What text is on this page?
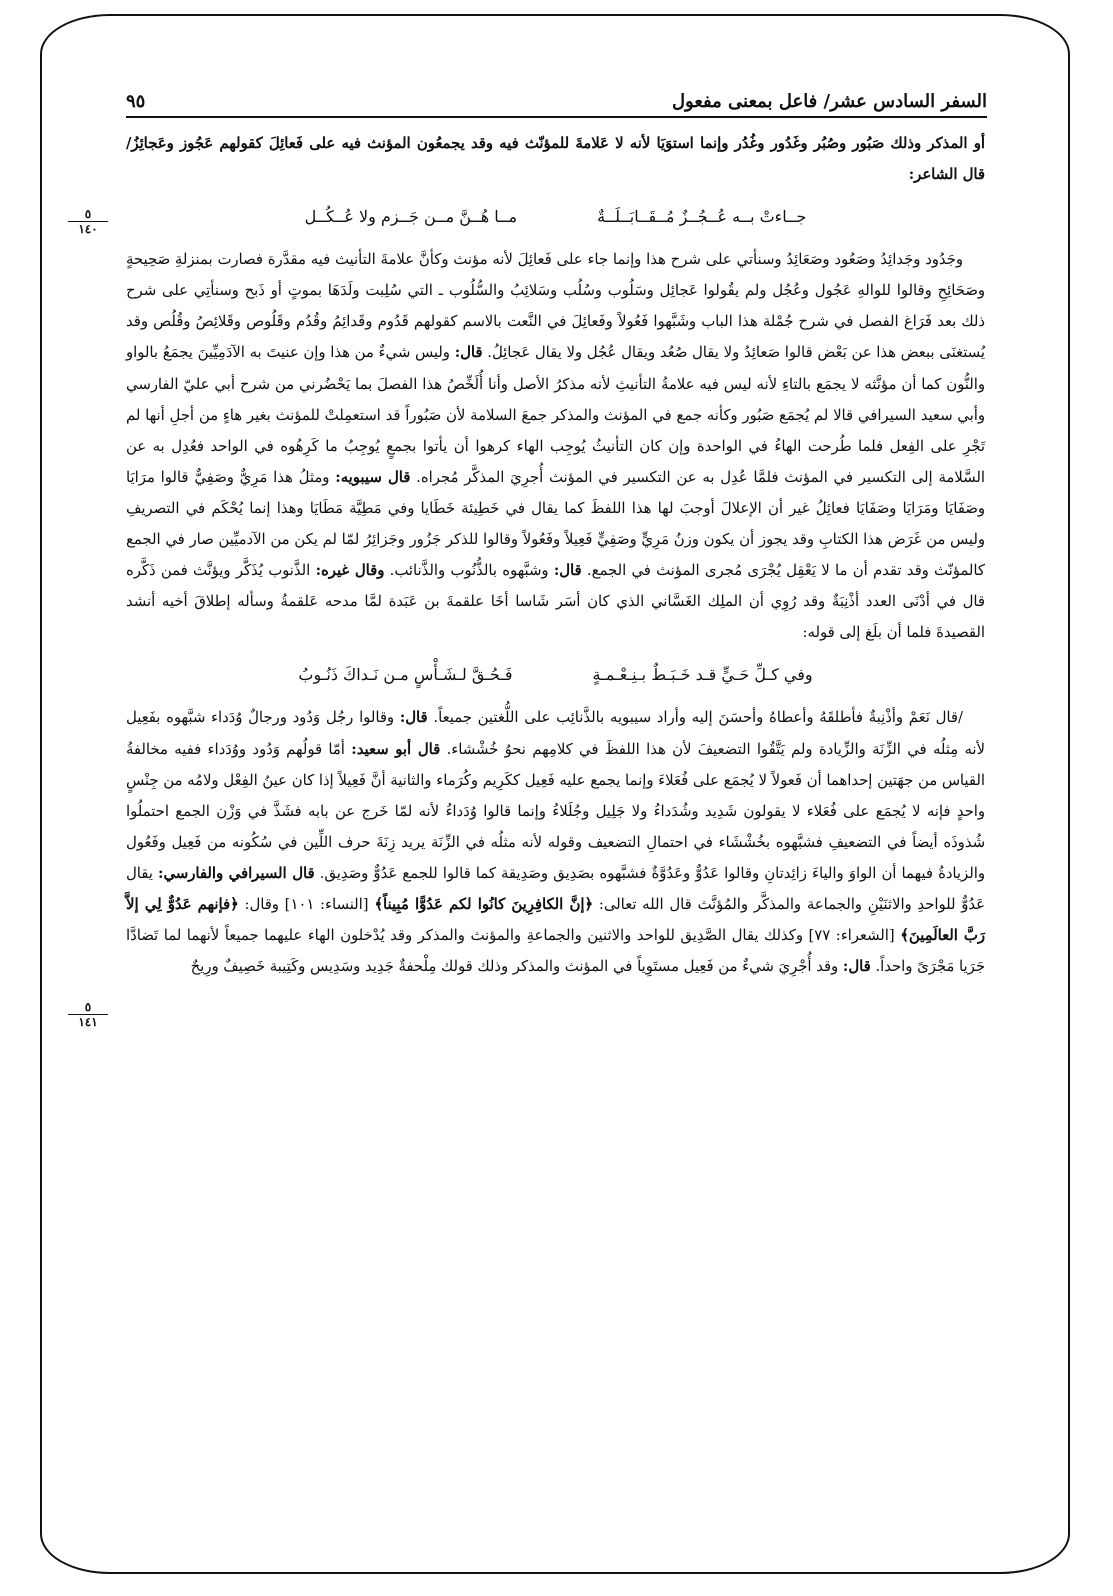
السفر السادس عشر/ فاعل بمعنى مفعول
٩٥
٥
١٤٠
٥
١٤١

أو المذكر وذلك صَبُور وصُبُر وغَدُور وغُدُر وإنما استوَيَا لأنه لا عَلامةَ للمؤنّث فيه وقد يجمعُون المؤنث فيه على فَعائِلَ كقولهم عَجُوز وعَجائِزُ/ قال الشاعر:

جــاءتْ بــه عُــجُــزٌ مُــقَــابَــلَــةٌ
مــا هُــنَّ مــن جَــزم ولا عُــكُــل

وجَدُود وجَدائِدُ وصَعُود وصَعَائِدُ وسنأتي على شرح هذا وإنما جاء على فَعائِلَ لأنه مؤنث وكأنَّ علامةَ التأنيث فيه مقدَّرة فصارت بمنزلةِ صَحِيحةٍ وصَحَائِحِ وقالوا للوالهِ عَجُول وعُجُل ولم يقُولوا عَجائِل وسَلُوب وسُلُب وسَلائِبُ والسُّلُوب ـ التي سُلِبت ولَدَهَا بموتٍ أو ذَبح وسنأتِي على شرح ذلك بعد فَرَاغ الفصل في شرح جُمْلة هذا الباب وشَبَّهوا فَعُولاً وفَعائِلَ في النَّعت بالاسم كقولهم قَدُوم وقَدائِمُ وقُدُم وقَلُوص وقَلائِصُ وقُلُص وقد يُستغنَى ببعض هذا عن بَعْض قالوا صَعائِدُ ولا يقال صُعُد ويقال عُجُل ولا يقال عَجائِلُ. قال: وليس شيءٌ من هذا وإن عنيتَ به الآدَمِيِّينَ يجمَعُ بالواو والنُّون كما أن مؤنَّثه لا يجمَع بالتاءِ لأنه ليس فيه علامةُ التأنيثِ لأنه مذكرُ الأصل وأنا أُلَخِّصُ هذا الفصلَ بما يَحْضُرني من شرح أبي عليّ الفارسي وأبي سعيد السيرافي قالا لم يُجمَع صَبُور وكأنه جمع في المؤنث والمذكر جمعَ السلامة لأن صَبُوراً قد استعمِلتْ للمؤنث بغير هاءٍ من أجلِ أنها لم تَجْرِ على الفِعل فلما طُرحت الهاءُ في الواحدة وإن كان التأنيثُ يُوجِب الهاء كرهوا أن يأتوا بجمعٍ يُوجِبُ ما كَرِهُوه في الواحد فعُدِل به عن السَّلامة إلى التكسير في المؤنث فلمَّا عُدِل به عن التكسير في المؤنث أُجرِيَ المذكَّر مُجراه. قال سيبويه: ومثلُ هذا مَرِيٌّ وصَفِيٌّ قالوا مرَايَا وصَفَايَا ومَرَايَا وصَفَايَا فعائِلُ غير أن الإعلالَ أوجبَ لها هذا اللفظَ كما يقال في خَطِيئة خَطَايا وفي مَطِيَّة مَطَايَا وهذا إنما يُحْكَم في التصريفِ وليس من غَرَض هذا الكتابِ وقد يجوز أن يكون وزنُ مَرِيٍّ وصَفِيٍّ فَعِيلاً وفَعُولاً وقالوا للذكر جَزُور وجَزائِرُ لمّا لم يكن من الآدميِّين صار في الجمع كالمؤنّث وقد تقدم أن ما لا يَعْقِل يُجْرَى مُجرى المؤنث في الجمع. قال: وشبَّهوه بالذُّنُوب والذَّنائب. وقال غيره: الذَّنوب يُذَكَّر ويؤنَّث فمن ذَكَّره قال في أدْنَى العدد أذْنِبَةٌ وقد رُوِي أن الملِك الغَسَّاني الذي كان أسَر شَاسا أخَا علقمةَ بن عَبَدة لمَّا مدحه عَلقمةُ وسأله إطلاقَ أخيه أنشد القصيدةَ فلما أن بلَغ إلى قوله:

وفي كـلِّ حَـيٍّ قـد خَـبَـطٌ بـنِـعْـمـةٍ
فَـحُـقَّ لـشَـأْسٍ مـن نَـداكَ ذَنُـوبُ

/قال نَعَمْ وأذْنِبةٌ فأطلقَهُ وأعطاهُ وأحسَنَ إليه وأراد سيبويه بالذَّنائِب على اللُّغتين جميعاً. قال: وقالوا رجُل وَدُود ورجالٌ وُدَداء شبَّهوه بفَعِيل لأنه مِثلُه في الزِّنَة والزِّيادة ولم يَتَّقُوا التضعيفَ لأن هذا اللفظَ في كلامِهم نحوُ خُشْشاء. قال أبو سعيد: أمّا قولُهم وَدُود ووُدَداء ففيه مخالفةُ القياس من جهَتين إحداهما أن فَعولاً لا يُجمَع على فُعَلاءَ وإنما يجمع عليه فَعِيل ككَرِيم وكُرَماء والثانية أنَّ فَعِيلاً إذا كان عينُ الفِعْل ولامُه من جِنْسٍ واحدٍ فإنه لا يُجمَع على فُعَلاء لا يقولون شَدِيد وشُدَداءُ ولا جَلِيل وجُلَلاءُ وإنما قالوا وُدَداءُ لأنه لمّا خَرج عن بابه فشَذَّ في وَزْن الجمع احتملُوا شُذوذَه أيضاً في التضعيفِ فشبَّهوه بخُشْشَاء في احتمالِ التضعيف وقوله لأنه مثلُه في الزِّنَة يريد زِنَةَ حرف اللِّين في سُكُونه من فَعِيل وفَعُول والزيادةُ فيهما أن الواوَ والياءَ زائِدتانِ وقالوا عَدُوٌّ وعَدُوَّةٌ فشبَّهوه بصَدِيق وصَدِيقة كما قالوا للجمع عَدُوٌّ وصَدِيق. قال السيرافي والفارسي: يقال عَدُوٌّ للواحدِ والاثنَيْنِ والجماعة والمذكَّر والمُؤنَّث قال الله تعالى: ﴿إنَّ الكافِرِينَ كانُوا لكم عَدُوًّا مُبِيناً﴾ [النساء: ١٠١] وقال: ﴿فإنهم عَدُوٌّ لِي إلاَّ رَبَّ العالَمِينَ﴾ [الشعراء: ٧٧] وكذلك يقال الصَّدِيق للواحد والاثنين والجماعةِ والمؤنث والمذكر وقد يُدْخلون الهاء عليهما جميعاً لأنهما لما تَضادَّا جَرَيا مَجْرَىً واحداً. قال: وقد أُجْرِيَ شيءٌ من فَعِيل مستَوِياً في المؤنث والمذكر وذلك قولك مِلْحفةٌ جَدِيد وسَدِيس وكَتِيبة خَصِيفٌ ورِيحٌ
